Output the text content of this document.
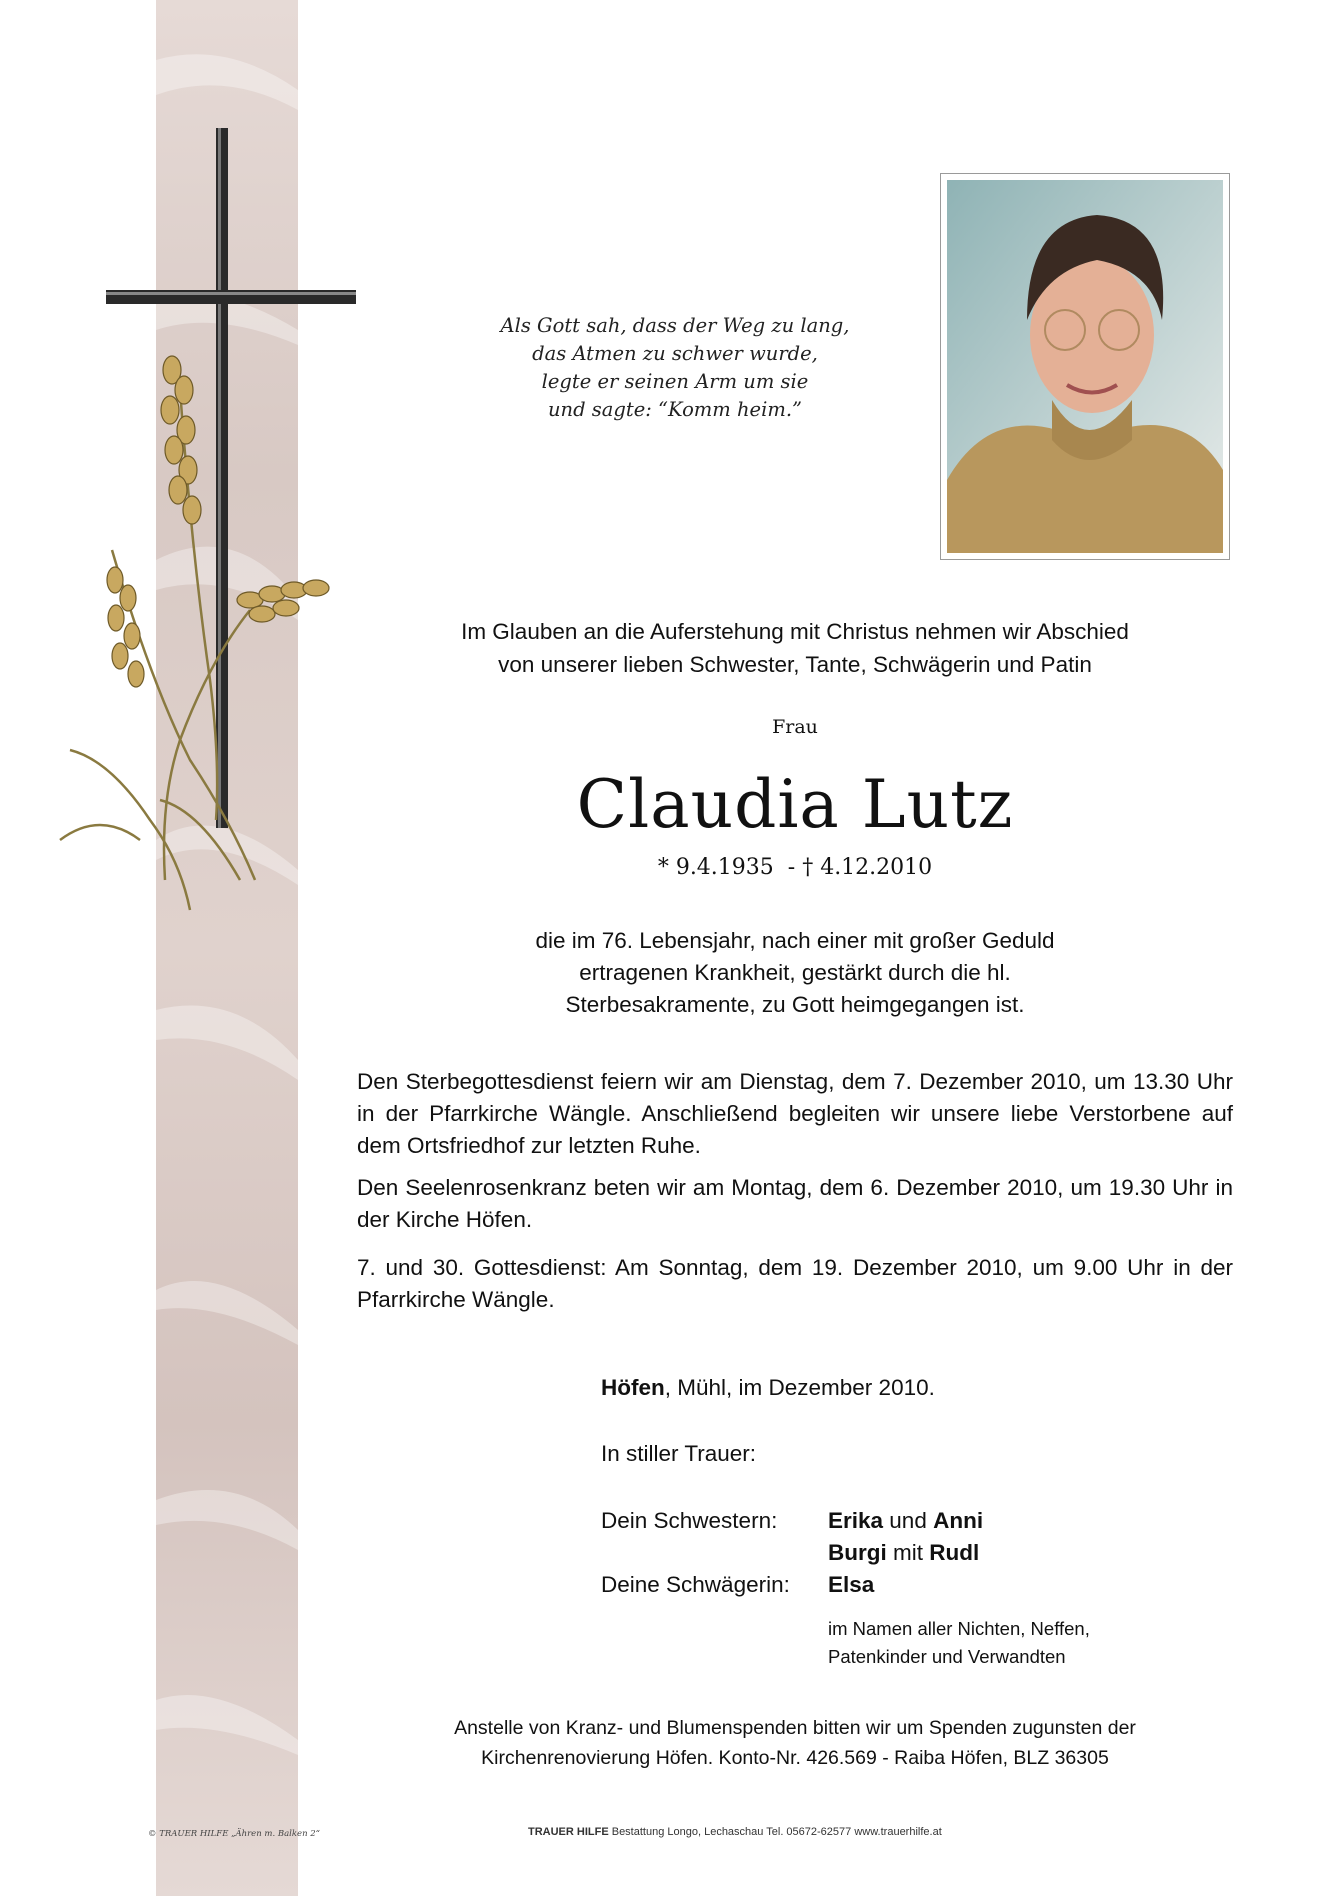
Als Gott sah, dass der Weg zu lang,
das Atmen zu schwer wurde,
legte er seinen Arm um sie
und sagte: “Komm heim.”
Im Glauben an die Auferstehung mit Christus nehmen wir Abschied
von unserer lieben Schwester, Tante, Schwägerin und Patin
Frau
Claudia Lutz
* 9.4.1935  - † 4.12.2010
die im 76. Lebensjahr, nach einer mit großer Geduld
ertragenen Krankheit, gestärkt durch die hl.
Sterbesakramente, zu Gott heimgegangen ist.
Den Sterbegottesdienst feiern wir am Dienstag, dem 7. Dezember 2010, um 13.30 Uhr in der Pfarrkirche Wängle. Anschließend begleiten wir unsere liebe Verstorbene auf dem Ortsfriedhof zur letzten Ruhe.
Den Seelenrosenkranz beten wir am Montag, dem 6. Dezember 2010, um 19.30 Uhr in der Kirche Höfen.
7. und 30. Gottesdienst: Am Sonntag, dem 19. Dezember 2010, um 9.00 Uhr in der Pfarrkirche Wängle.
Höfen, Mühl, im Dezember 2010.
In stiller Trauer:
Dein Schwestern: Erika und Anni
Burgi mit Rudl
Deine Schwägerin: Elsa
im Namen aller Nichten, Neffen,
Patenkinder und Verwandten
Anstelle von Kranz- und Blumenspenden bitten wir um Spenden zugunsten der
Kirchenrenovierung Höfen. Konto-Nr. 426.569 - Raiba Höfen, BLZ 36305
© TRAUER HILFE „Ähren m. Balken 2“	TRAUER HILFE Bestattung Longo, Lechaschau Tel. 05672-62577 www.trauerhilfe.at
